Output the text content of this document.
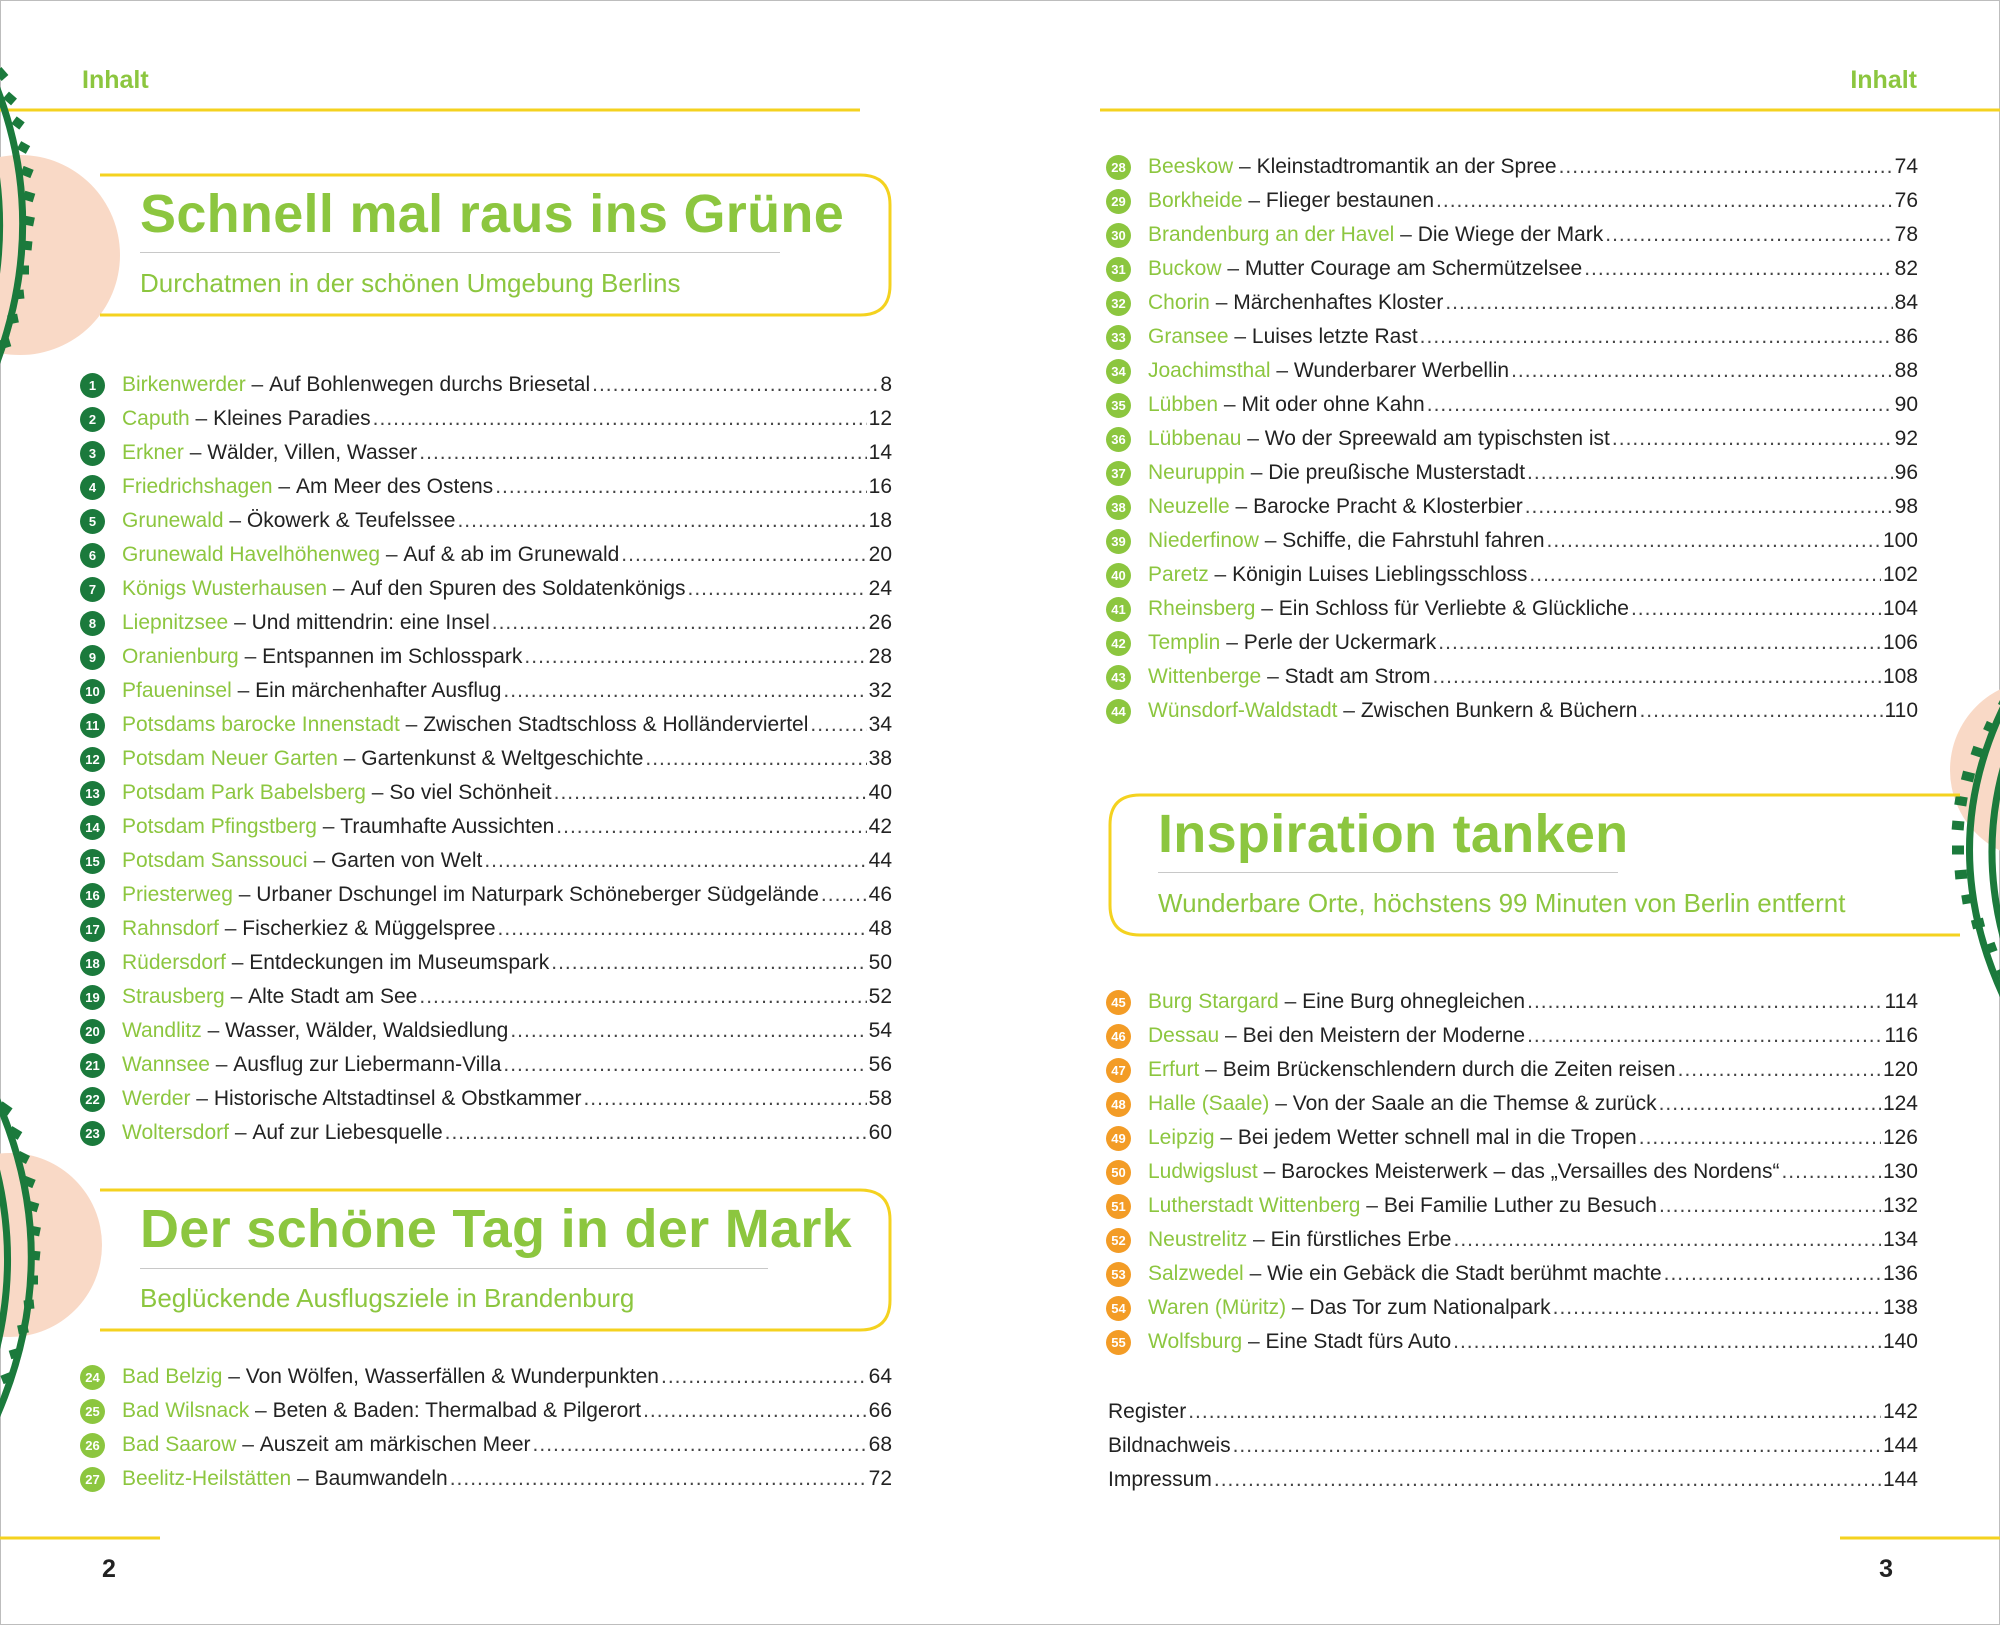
Inhalt	Inhalt
Schnell mal raus ins Grüne
Durchatmen in der schönen Umgebung Berlins
1	Birkenwerder – Auf Bohlenwegen durchs Briesetal .....	8
2	Caputh – Kleines Paradies .....	12
3	Erkner – Wälder, Villen, Wasser .....	14
4	Friedrichshagen – Am Meer des Ostens .....	16
5	Grunewald – Ökowerk & Teufelssee .....	18
6	Grunewald Havelhöhenweg – Auf & ab im Grunewald .....	20
7	Königs Wusterhausen – Auf den Spuren des Soldatenkönigs .....	24
8	Liepnitzsee – Und mittendrin: eine Insel .....	26
9	Oranienburg – Entspannen im Schlosspark .....	28
10 Pfaueninsel – Ein märchenhafter Ausflug .....	32
11 Potsdams barocke Innenstadt – Zwischen Stadtschloss & Holländerviertel .....	34
12 Potsdam Neuer Garten – Gartenkunst & Weltgeschichte .....	38
13 Potsdam Park Babelsberg – So viel Schönheit .....	40
14 Potsdam Pfingstberg – Traumhafte Aussichten .....	42
15 Potsdam Sanssouci – Garten von Welt .....	44
16 Priesterweg – Urbaner Dschungel im Naturpark Schöneberger Südgelände ..... 46
17 Rahnsdorf – Fischerkiez & Müggelspree .....	48
18 Rüdersdorf – Entdeckungen im Museumspark .....	50
19 Strausberg – Alte Stadt am See .....	52
20 Wandlitz – Wasser, Wälder, Waldsiedlung .....	54
21 Wannsee – Ausflug zur Liebermann-Villa .....	56
22 Werder – Historische Altstadtinsel & Obstkammer .....	58
23 Woltersdorf – Auf zur Liebesquelle .....	60
Der schöne Tag in der Mark
Beglückende Ausflugsziele in Brandenburg
24 Bad Belzig – Von Wölfen, Wasserfällen & Wunderpunkten .....	64
25 Bad Wilsnack – Beten & Baden: Thermalbad & Pilgerort .....	66
26 Bad Saarow – Auszeit am märkischen Meer .....	68
27 Beelitz-Heilstätten – Baumwandeln .....	72
28 Beeskow – Kleinstadtromantik an der Spree .....	74
29 Borkheide – Flieger bestaunen .....	76
30 Brandenburg an der Havel – Die Wiege der Mark .....	78
31 Buckow – Mutter Courage am Schermützelsee .....	82
32 Chorin – Märchenhaftes Kloster .....	84
33 Gransee – Luises letzte Rast .....	86
34 Joachimsthal – Wunderbarer Werbellin .....	88
35 Lübben – Mit oder ohne Kahn .....	90
36 Lübbenau – Wo der Spreewald am typischsten ist .....	92
37 Neuruppin – Die preußische Musterstadt .....	96
38 Neuzelle – Barocke Pracht & Klosterbier .....	98
39 Niederfinow – Schiffe, die Fahrstuhl fahren .....	100
40 Paretz – Königin Luises Lieblingsschloss .....	102
41 Rheinsberg – Ein Schloss für Verliebte & Glückliche .....	104
42 Templin – Perle der Uckermark .....	106
43 Wittenberge – Stadt am Strom .....	108
44 Wünsdorf-Waldstadt – Zwischen Bunkern & Büchern .....	110
Inspiration tanken
Wunderbare Orte, höchstens 99 Minuten von Berlin entfernt
45 Burg Stargard – Eine Burg ohnegleichen .....	114
46 Dessau – Bei den Meistern der Moderne .....	116
47 Erfurt – Beim Brückenschlendern durch die Zeiten reisen .....	120
48 Halle (Saale) – Von der Saale an die Themse & zurück .....	124
49 Leipzig – Bei jedem Wetter schnell mal in die Tropen .....	126
50 Ludwigslust – Barockes Meisterwerk – das „Versailles des Nordens“ .....	130
51 Lutherstadt Wittenberg – Bei Familie Luther zu Besuch .....	132
52 Neustrelitz – Ein fürstliches Erbe .....	134
53 Salzwedel – Wie ein Gebäck die Stadt berühmt machte .....	136
54 Waren (Müritz) – Das Tor zum Nationalpark .....	138
55 Wolfsburg – Eine Stadt fürs Auto .....	140
Register .....	142
Bildnachweis .....	144
Impressum .....	144
2	3
